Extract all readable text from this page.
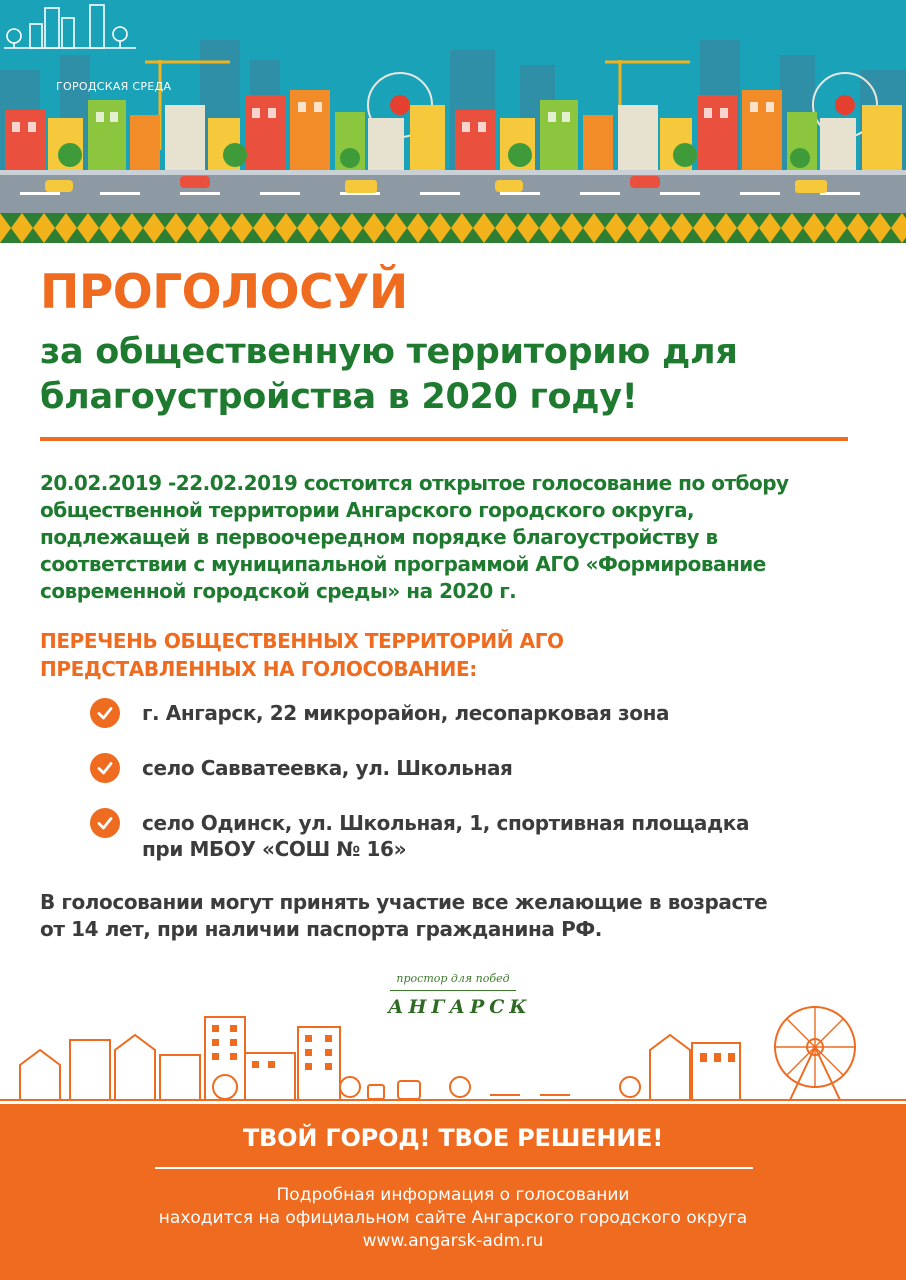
ГОРОДСКАЯ СРЕДА
ПРОГОЛОСУЙ
за общественную территорию для
благоустройства в 2020 году!
20.02.2019 -22.02.2019 состоится открытое голосование по отбору
общественной территории Ангарского городского округа,
подлежащей в первоочередном порядке благоустройству в
соответствии с муниципальной программой АГО «Формирование
современной городской среды» на 2020 г.
ПЕРЕЧЕНЬ ОБЩЕСТВЕННЫХ ТЕРРИТОРИЙ АГО
ПРЕДСТАВЛЕННЫХ НА ГОЛОСОВАНИЕ:
г. Ангарск, 22 микрорайон, лесопарковая зона
село Савватеевка, ул. Школьная
село Одинск, ул. Школьная, 1, спортивная площадка
при МБОУ «СОШ № 16»
В голосовании могут принять участие все желающие в возрасте
от 14 лет, при наличии паспорта гражданина РФ.
простор для побед
АНГАРСК
ТВОЙ ГОРОД! ТВОЕ РЕШЕНИЕ!
Подробная информация о голосовании
находится на официальном сайте Ангарского городского округа
www.angarsk-adm.ru
